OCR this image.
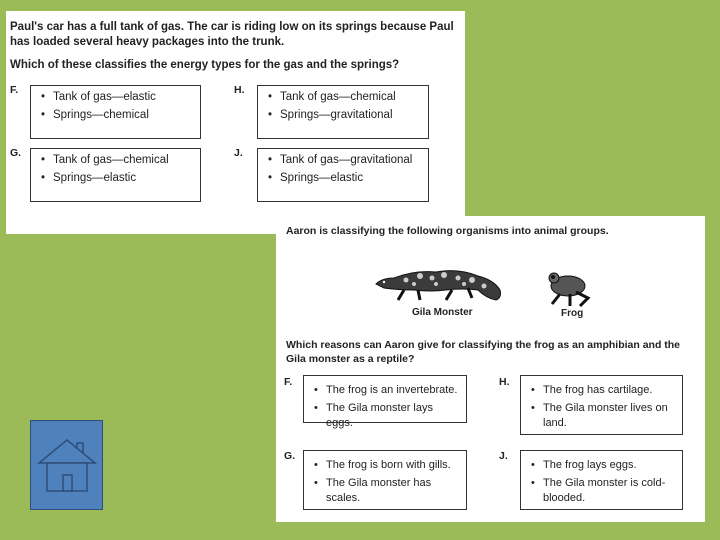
Paul's car has a full tank of gas. The car is riding low on its springs because Paul has loaded several heavy packages into the trunk.
Which of these classifies the energy types for the gas and the springs?
F.
• Tank of gas—elastic
• Springs—chemical
H.
• Tank of gas—chemical
• Springs—gravitational
G.
• Tank of gas—chemical
• Springs—elastic
J.
• Tank of gas—gravitational
• Springs—elastic
Aaron is classifying the following organisms into animal groups.
Gila Monster	Frog
Which reasons can Aaron give for classifying the frog as an amphibian and the Gila monster as a reptile?
F.
• The frog is an invertebrate.
• The Gila monster lays eggs.
H.
• The frog has cartilage.
• The Gila monster lives on land.
G.
• The frog is born with gills.
• The Gila monster has scales.
J.
• The frog lays eggs.
• The Gila monster is cold-blooded.
